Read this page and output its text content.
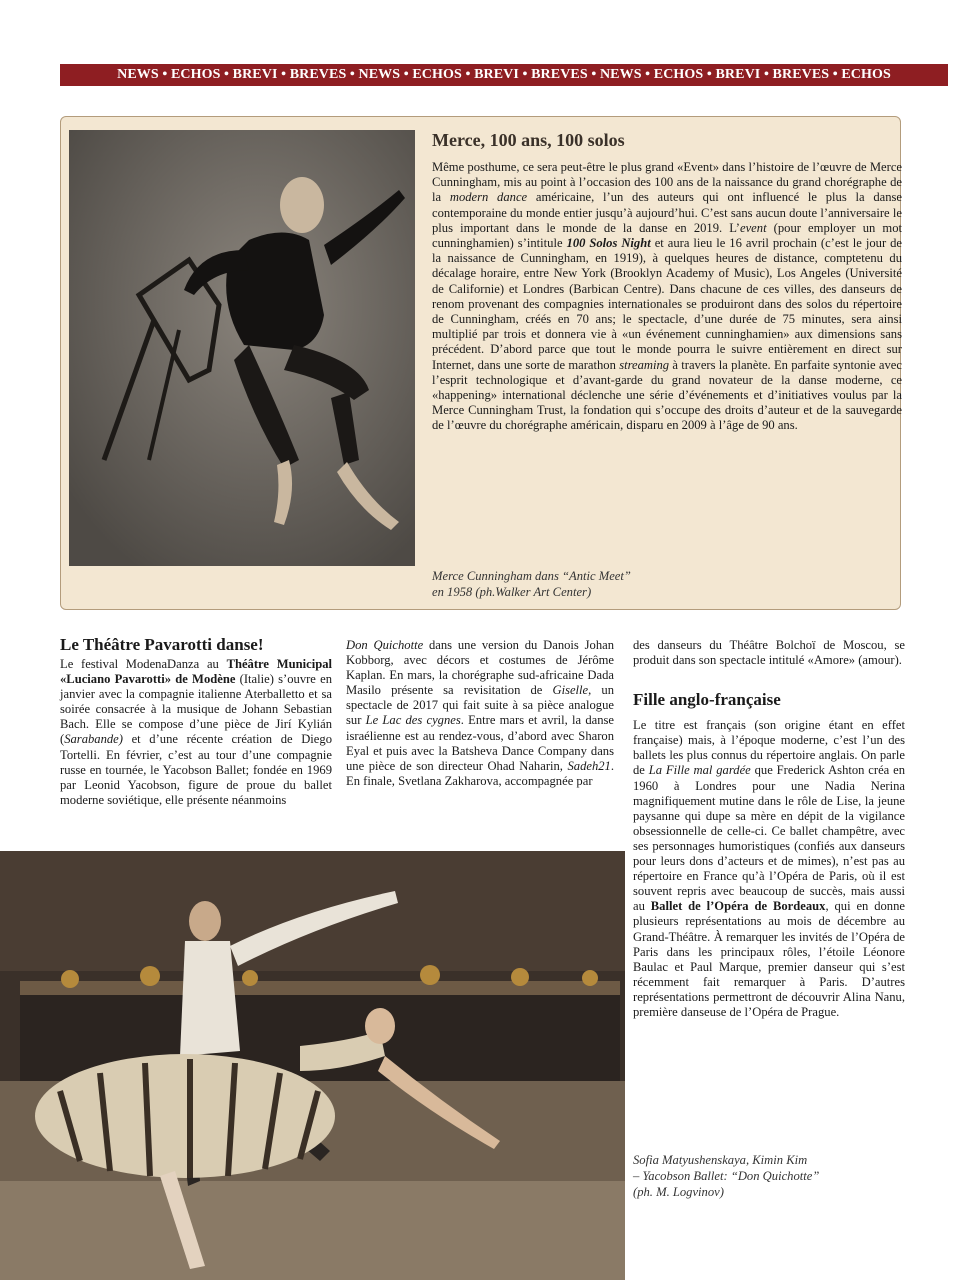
NEWS • ECHOS • BREVI • BREVES • NEWS • ECHOS • BREVI • BREVES • NEWS • ECHOS • BREVI • BREVES • ECHOS
Merce, 100 ans, 100 solos

Même posthume, ce sera peut-être le plus grand «Event» dans l’histoire de l’œuvre de Merce Cunningham, mis au point à l’occasion des 100 ans de la naissance du grand chorégraphe de la modern dance américaine, l’un des auteurs qui ont influencé le plus la danse contemporaine du monde entier jusqu’à aujourd’hui. C’est sans aucun doute l’anniversaire le plus important dans le monde de la danse en 2019. L’event (pour employer un mot cunninghamien) s’intitule 100 Solos Night et aura lieu le 16 avril prochain (c’est le jour de la naissance de Cunningham, en 1919), à quelques heures de distance, comptetenu du décalage horaire, entre New York (Brooklyn Academy of Music), Los Angeles (Université de Californie) et Londres (Barbican Centre). Dans chacune de ces villes, des danseurs de renom provenant des compagnies internationales se produiront dans des solos du répertoire de Cunningham, créés en 70 ans; le spectacle, d’une durée de 75 minutes, sera ainsi multiplié par trois et donnera vie à «un événement cunninghamien» aux dimensions sans précédent. D’abord parce que tout le monde pourra le suivre entièrement en direct sur Internet, dans une sorte de marathon streaming à travers la planète. En parfaite syntonie avec l’esprit technologique et d’avant-garde du grand novateur de la danse moderne, ce «happening» international déclenche une série d’événements et d’initiatives voulus par la Merce Cunningham Trust, la fondation qui s’occupe des droits d’auteur et de la sauvegarde de l’œuvre du chorégraphe américain, disparu en 2009 à l’âge de 90 ans.

Merce Cunningham dans “Antic Meet”
en 1958 (ph.Walker Art Center)
Le Théâtre Pavarotti danse!

Le festival ModenaDanza au Théâtre Municipal «Luciano Pavarotti» de Modène (Italie) s’ouvre en janvier avec la compagnie italienne Aterballetto et sa soirée consacrée à la musique de Johann Sebastian Bach. Elle se compose d’une pièce de Jirí Kylián (Sarabande) et d’une récente création de Diego Tortelli. En février, c’est au tour d’une compagnie russe en tournée, le Yacobson Ballet; fondée en 1969 par Leonid Yacobson, figure de proue du ballet moderne soviétique, elle présente néanmoins

Don Quichotte dans une version du Danois Johan Kobborg, avec décors et costumes de Jérôme Kaplan. En mars, la chorégraphe sud-africaine Dada Masilo présente sa revisitation de Giselle, un spectacle de 2017 qui fait suite à sa pièce analogue sur Le Lac des cygnes. Entre mars et avril, la danse israélienne est au rendez-vous, d’abord avec Sharon Eyal et puis avec la Batsheva Dance Company dans une pièce de son directeur Ohad Naharin, Sadeh21. En finale, Svetlana Zakharova, accompagnée par

des danseurs du Théâtre Bolchoï de Moscou, se produit dans son spectacle intitulé «Amore» (amour).

Fille anglo-française

Le titre est français (son origine étant en effet française) mais, à l’époque moderne, c’est l’un des ballets les plus connus du répertoire anglais. On parle de La Fille mal gardée que Frederick Ashton créa en 1960 à Londres pour une Nadia Nerina magnifiquement mutine dans le rôle de Lise, la jeune paysanne qui dupe sa mère en dépit de la vigilance obsessionnelle de celle-ci. Ce ballet champêtre, avec ses personnages humoristiques (confiés aux danseurs pour leurs dons d’acteurs et de mimes), n’est pas au répertoire en France qu’à l’Opéra de Paris, où il est souvent repris avec beaucoup de succès, mais aussi au Ballet de l’Opéra de Bordeaux, qui en donne plusieurs représentations au mois de décembre au Grand-Théâtre. À remarquer les invités de l’Opéra de Paris dans les principaux rôles, l’étoile Léonore Baulac et Paul Marque, premier danseur qui s’est récemment fait remarquer à Paris. D’autres représentations permettront de découvrir Alina Nanu, première danseuse de l’Opéra de Prague.

Sofia Matyushenskaya, Kimin Kim
– Yacobson Ballet: “Don Quichotte”
(ph. M. Logvinov)
